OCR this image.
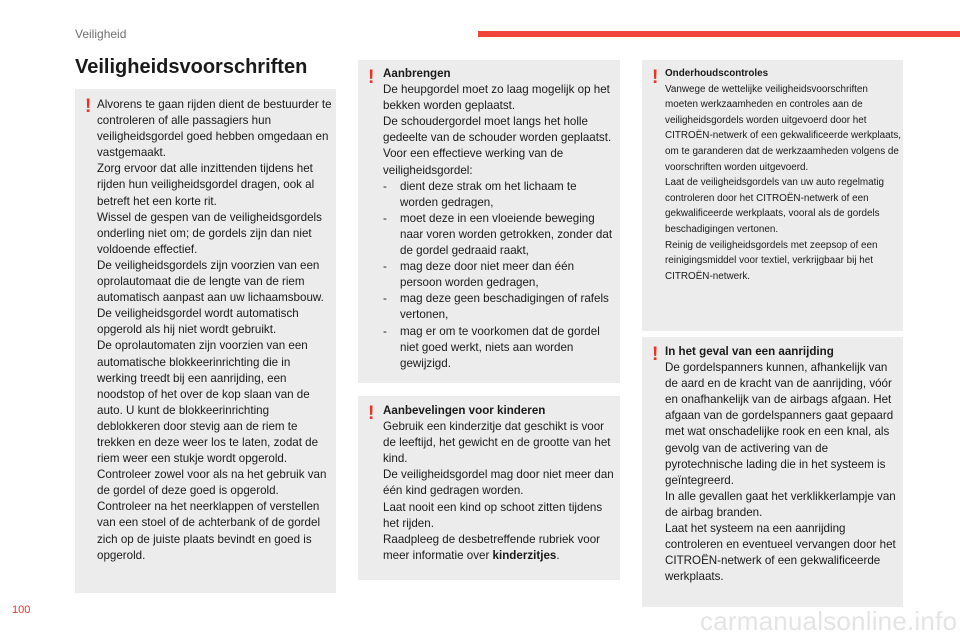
Veiligheid
Veiligheidsvoorschriften
! Alvorens te gaan rijden dient de bestuurder te controleren of alle passagiers hun veiligheidsgordel goed hebben omgedaan en vastgemaakt.
Zorg ervoor dat alle inzittenden tijdens het rijden hun veiligheidsgordel dragen, ook al betreft het een korte rit.
Wissel de gespen van de veiligheidsgordels onderling niet om; de gordels zijn dan niet voldoende effectief.
De veiligheidsgordels zijn voorzien van een oprolautomaat die de lengte van de riem automatisch aanpast aan uw lichaamsbouw. De veiligheidsgordel wordt automatisch opgerold als hij niet wordt gebruikt.
De oprolautomaten zijn voorzien van een automatische blokkeerinrichting die in werking treedt bij een aanrijding, een noodstop of het over de kop slaan van de auto. U kunt de blokkeerinrichting deblokkeren door stevig aan de riem te trekken en deze weer los te laten, zodat de riem weer een stukje wordt opgerold.
Controleer zowel voor als na het gebruik van de gordel of deze goed is opgerold.
Controleer na het neerklappen of verstellen van een stoel of de achterbank of de gordel zich op de juiste plaats bevindt en goed is opgerold.
! Aanbrengen
De heupgordel moet zo laag mogelijk op het bekken worden geplaatst.
De schoudergordel moet langs het holle gedeelte van de schouder worden geplaatst.
Voor een effectieve werking van de veiligheidsgordel:
- dient deze strak om het lichaam te worden gedragen,
- moet deze in een vloeiende beweging naar voren worden getrokken, zonder dat de gordel gedraaid raakt,
- mag deze door niet meer dan één persoon worden gedragen,
- mag deze geen beschadigingen of rafels vertonen,
- mag er om te voorkomen dat de gordel niet goed werkt, niets aan worden gewijzigd.
! Aanbevelingen voor kinderen
Gebruik een kinderzitje dat geschikt is voor de leeftijd, het gewicht en de grootte van het kind.
De veiligheidsgordel mag door niet meer dan één kind gedragen worden.
Laat nooit een kind op schoot zitten tijdens het rijden.
Raadpleeg de desbetreffende rubriek voor meer informatie over kinderzitjes.
! Onderhoudscontroles
Vanwege de wettelijke veiligheidsvoorschriften moeten werkzaamheden en controles aan de veiligheidsgordels worden uitgevoerd door het CITROËN-netwerk of een gekwalificeerde werkplaats, om te garanderen dat de werkzaamheden volgens de voorschriften worden uitgevoerd.
Laat de veiligheidsgordels van uw auto regelmatig controleren door het CITROËN-netwerk of een gekwalificeerde werkplaats, vooral als de gordels beschadigingen vertonen.
Reinig de veiligheidsgordels met zeepsop of een reinigingsmiddel voor textiel, verkrijgbaar bij het CITROËN-netwerk.
! In het geval van een aanrijding
De gordelspanners kunnen, afhankelijk van de aard en de kracht van de aanrijding, vóór en onafhankelijk van de airbags afgaan. Het afgaan van de gordelspanners gaat gepaard met wat onschadelijke rook en een knal, als gevolg van de activering van de pyrotechnische lading die in het systeem is geïntegreerd.
In alle gevallen gaat het verklikkerlampje van de airbag branden.
Laat het systeem na een aanrijding controleren en eventueel vervangen door het CITROËN-netwerk of een gekwalificeerde werkplaats.
100	carmanualsonline.info
